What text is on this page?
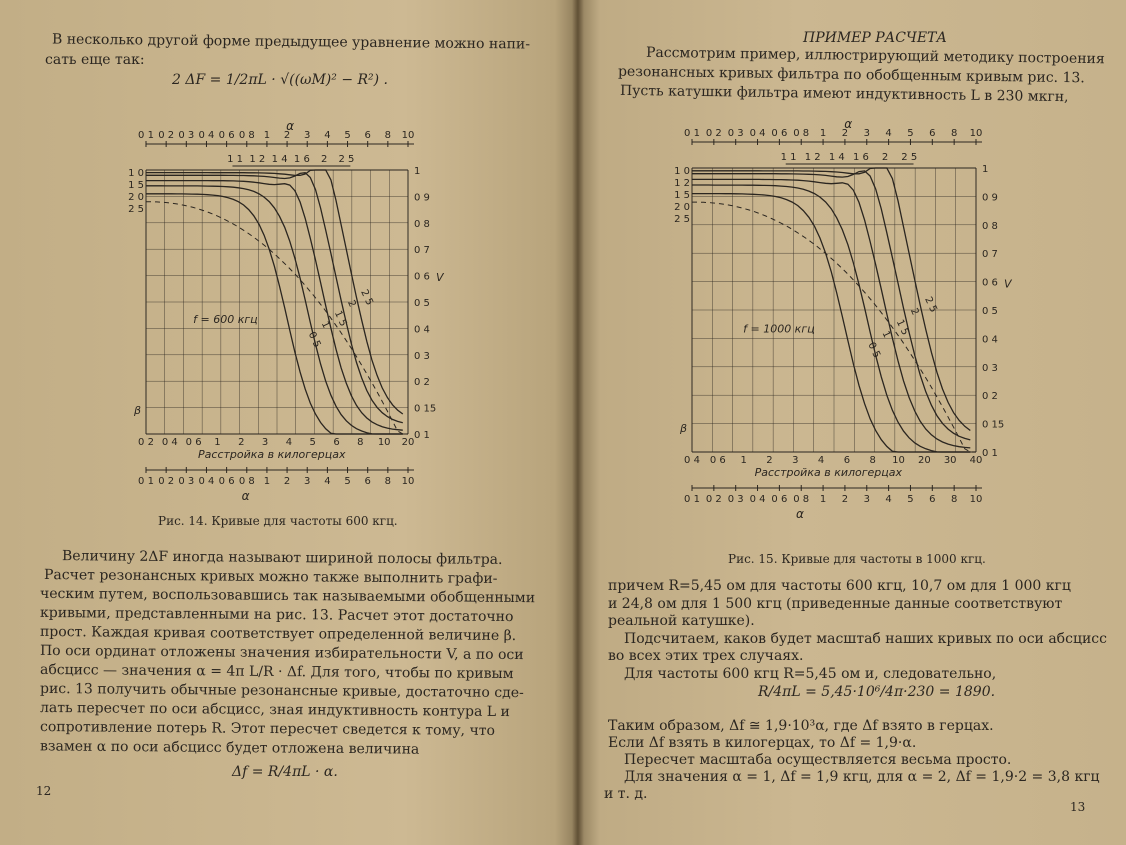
В несколько другой форме предыдущее уравнение можно напи-
сать еще так:
2 ΔF = 1/2πL · √((ωM)² − R²) .
0 1 0 2 0 3 0 4 0 6 0 8 1 2 3 4 5 6 8 10
α
1 1 1 2 1 4 1 6 2 2 5
1 0
1 5
2 0
2 5
1
0 9
0 8
0 7
0 6
0 5
0 4
0 3
0 2
0 15
0 1
V
0 5
1 1 5
2 2 5
f = 600 кгц
0 2 0 4 0 6 1 2 3 4 5 6 8 10 20
Расстройка в килогерцах
0 1 0 2 0 3 0 4 0 6 0 8 1 2 3 4 5 6 8 10
α
β
Рис. 14. Кривые для частоты 600 кгц.
Величину 2ΔF иногда называют шириной полосы фильтра.
Расчет резонансных кривых можно также выполнить графи-
ческим путем, воспользовавшись так называемыми обобщенными
кривыми, представленными на рис. 13. Расчет этот достаточно
прост. Каждая кривая соответствует определенной величине β.
По оси ординат отложены значения избирательности V, а по оси
абсцисс — значения α = 4π L/R · Δf. Для того, чтобы по кривым
рис. 13 получить обычные резонансные кривые, достаточно сде-
лать пересчет по оси абсцисс, зная индуктивность контура L и
сопротивление потерь R. Этот пересчет сведется к тому, что
взамен α по оси абсцисс будет отложена величина
Δf = R/4πL · α.
12
ПРИМЕР РАСЧЕТА
Рассмотрим пример, иллюстрирующий методику построения
резонансных кривых фильтра по обобщенным кривым рис. 13.
Пусть катушки фильтра имеют индуктивность L в 230 мкгн,
0 1 0 2 0 3 0 4 0 6 0 8 1 2 3 4 5 6 8 10
α
1 1 1 2 1 4 1 6 2 2 5
1 0
1 2
1 5
2 0
2 5
1
0 9
0 8
0 7
0 6
0 5
0 4
0 3
0 2
0 15
0 1
V
0 5
1 1 5
2 2 5
f = 1000 кгц
0 4 0 6 1 2 3 4 6 8 10 20 30 40
Расстройка в килогерцах
0 1 0 2 0 3 0 4 0 6 0 8 1 2 3 4 5 6 8 10
α
β
Рис. 15. Кривые для частоты в 1000 кгц.
причем R=5,45 ом для частоты 600 кгц, 10,7 ом для 1 000 кгц
и 24,8 ом для 1 500 кгц (приведенные данные соответствуют
реальной катушке).
Подсчитаем, каков будет масштаб наших кривых по оси абсцисс
во всех этих трех случаях.
Для частоты 600 кгц R=5,45 ом и, следовательно,
R/4πL = 5,45·10⁶/4π·230 = 1890.
Таким образом, Δf ≅ 1,9·10³α, где Δf взято в герцах.
Если Δf взять в килогерцах, то Δf = 1,9·α.
Пересчет масштаба осуществляется весьма просто.
Для значения α = 1, Δf = 1,9 кгц, для α = 2, Δf = 1,9·2 = 3,8 кгц
и т. д.
13
